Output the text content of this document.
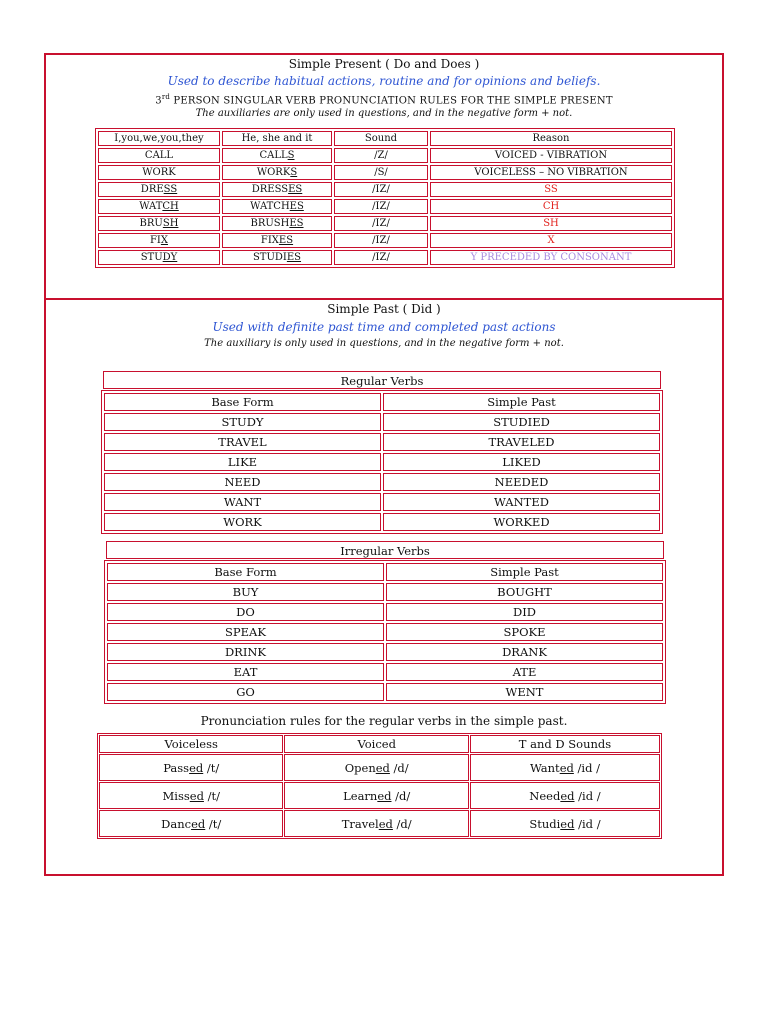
Simple Present ( Do and Does )
Used to describe habitual actions, routine and for opinions and beliefs.
3rd PERSON SINGULAR VERB PRONUNCIATION RULES FOR THE SIMPLE PRESENT
The auxiliaries are only used in questions, and in the negative form + not.
I,you,we,you,they	He, she and it	Sound	Reason
CALL	CALLS	/Z/	VOICED - VIBRATION
WORK	WORKS	/S/	VOICELESS – NO VIBRATION
DRESS	DRESSES	/IZ/	SS
WATCH	WATCHES	/IZ/	CH
BRUSH	BRUSHES	/IZ/	SH
FIX	FIXES	/IZ/	X
STUDY	STUDIES	/IZ/	Y PRECEDED BY CONSONANT
Simple Past ( Did )
Used with definite past time and completed past actions
The auxiliary is only used in questions, and in the negative form + not.
Regular Verbs
Base Form	Simple Past
STUDY	STUDIED
TRAVEL	TRAVELED
LIKE	LIKED
NEED	NEEDED
WANT	WANTED
WORK	WORKED
Irregular Verbs
Base Form	Simple Past
BUY	BOUGHT
DO	DID
SPEAK	SPOKE
DRINK	DRANK
EAT	ATE
GO	WENT
Pronunciation rules for the regular verbs in the simple past.
Voiceless	Voiced	T and D Sounds
Passed /t/	Opened /d/	Wanted /id /
Missed /t/	Learned /d/	Needed /id /
Danced /t/	Traveled /d/	Studied /id /
